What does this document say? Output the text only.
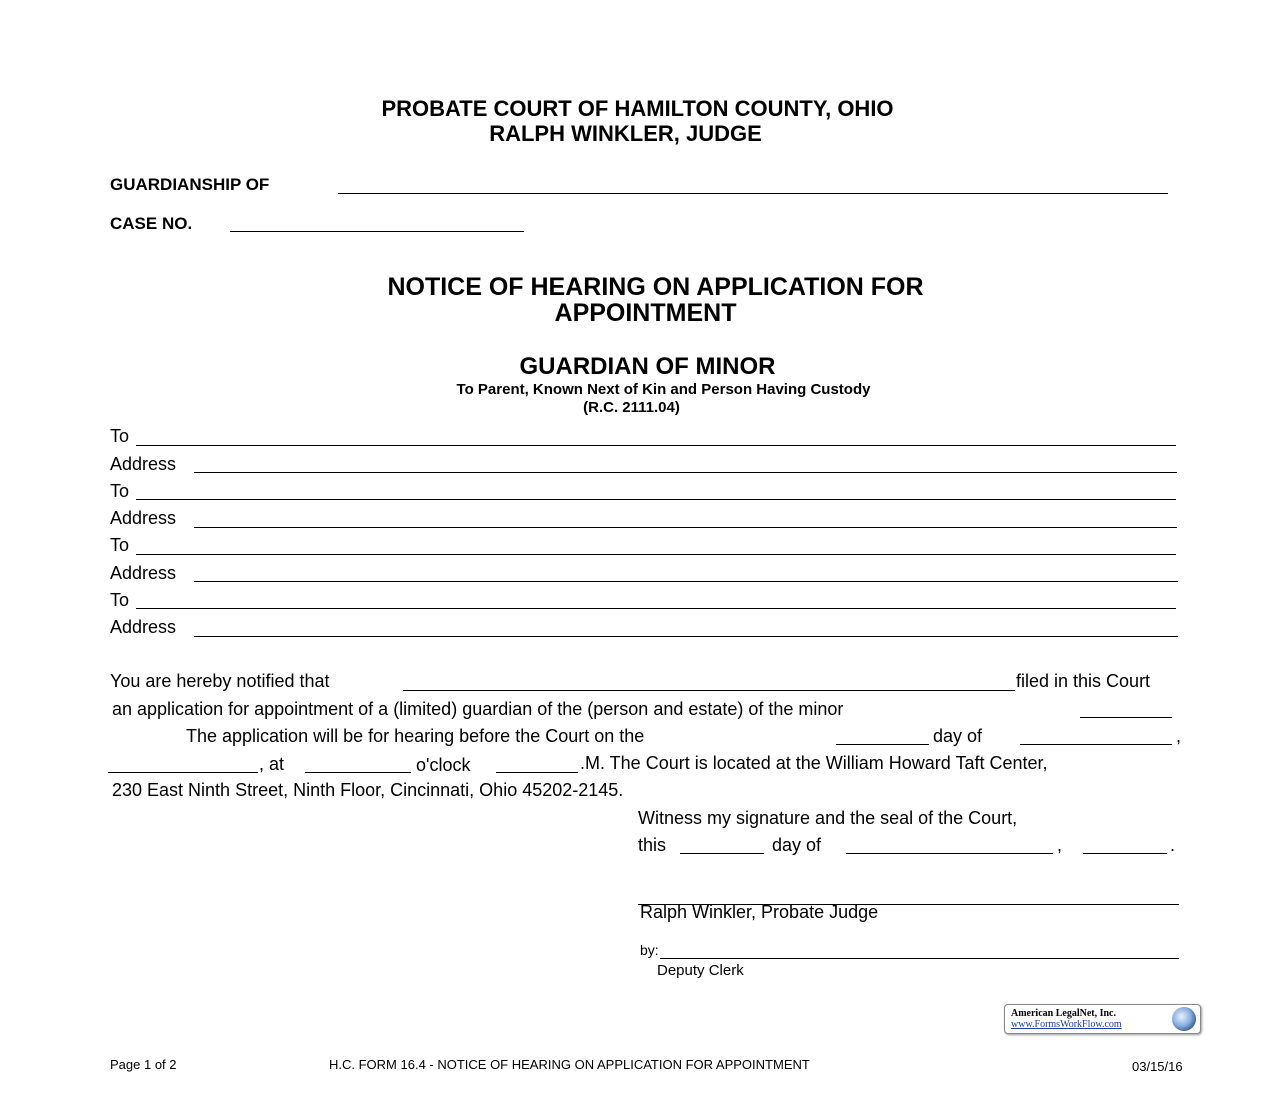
PROBATE COURT OF HAMILTON COUNTY, OHIO
RALPH WINKLER, JUDGE
GUARDIANSHIP OF
CASE NO.
NOTICE OF HEARING ON APPLICATION FOR
APPOINTMENT
GUARDIAN OF MINOR
To Parent, Known Next of Kin and Person Having Custody
(R.C. 2111.04)
To
Address
To
Address
To
Address
To
Address
You are hereby notified that	filed in this Court
an application for appointment of a (limited) guardian of the (person and estate) of the minor
The application will be for hearing before the Court on the	day of	,
, at	o'clock	.M. The Court is located at the William Howard Taft Center,
230 East Ninth Street, Ninth Floor, Cincinnati, Ohio 45202-2145.
Witness my signature and the seal of the Court,
this	day of	,	.
Ralph Winkler, Probate Judge
by:
Deputy Clerk
American LegalNet, Inc.
www.FormsWorkFlow.com
Page 1 of 2	H.C. FORM 16.4 - NOTICE OF HEARING ON APPLICATION FOR APPOINTMENT	03/15/16
